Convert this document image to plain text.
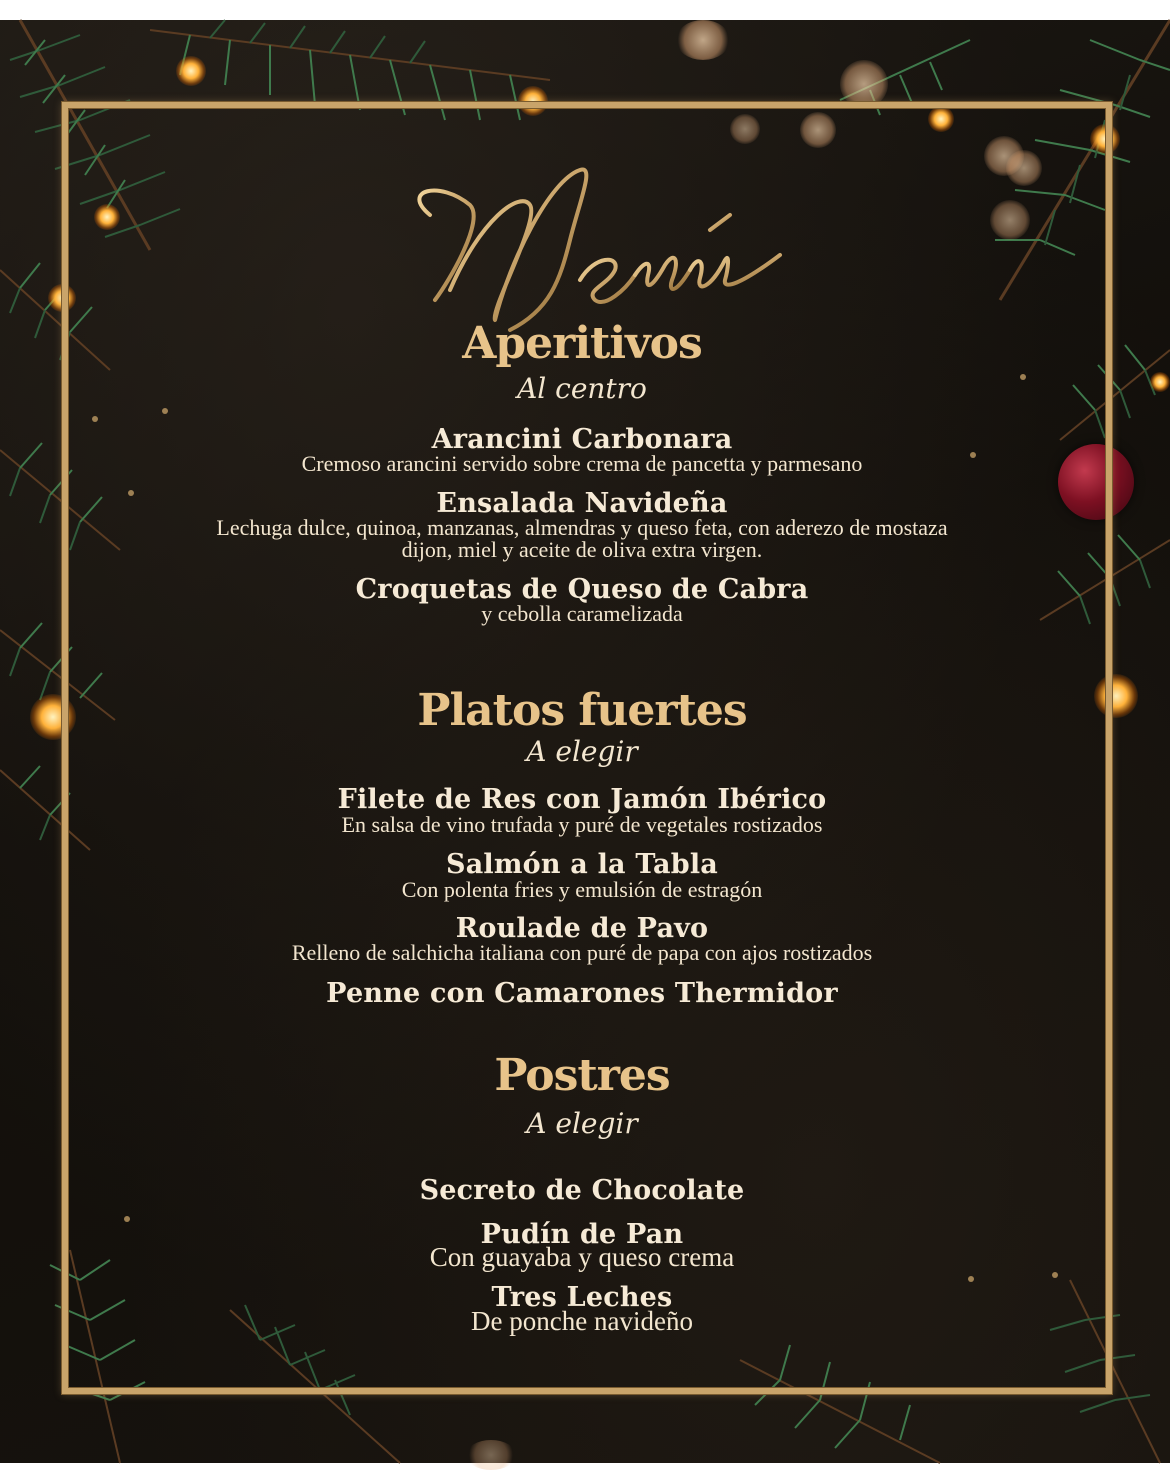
Menú
Aperitivos
Al centro
Arancini Carbonara
Cremoso arancini servido sobre crema de pancetta y parmesano
Ensalada Navideña
Lechuga dulce, quinoa, manzanas, almendras y queso feta, con aderezo de mostaza dijon, miel y aceite de oliva extra virgen.
Croquetas de Queso de Cabra
y cebolla caramelizada
Platos fuertes
A elegir
Filete de Res con Jamón Ibérico
En salsa de vino trufada y puré de vegetales rostizados
Salmón a la Tabla
Con polenta fries y emulsión de estragón
Roulade de Pavo
Relleno de salchicha italiana con puré de papa con ajos rostizados
Penne con Camarones Thermidor
Postres
A elegir
Secreto de Chocolate
Pudín de Pan
Con guayaba y queso crema
Tres Leches
De ponche navideño
